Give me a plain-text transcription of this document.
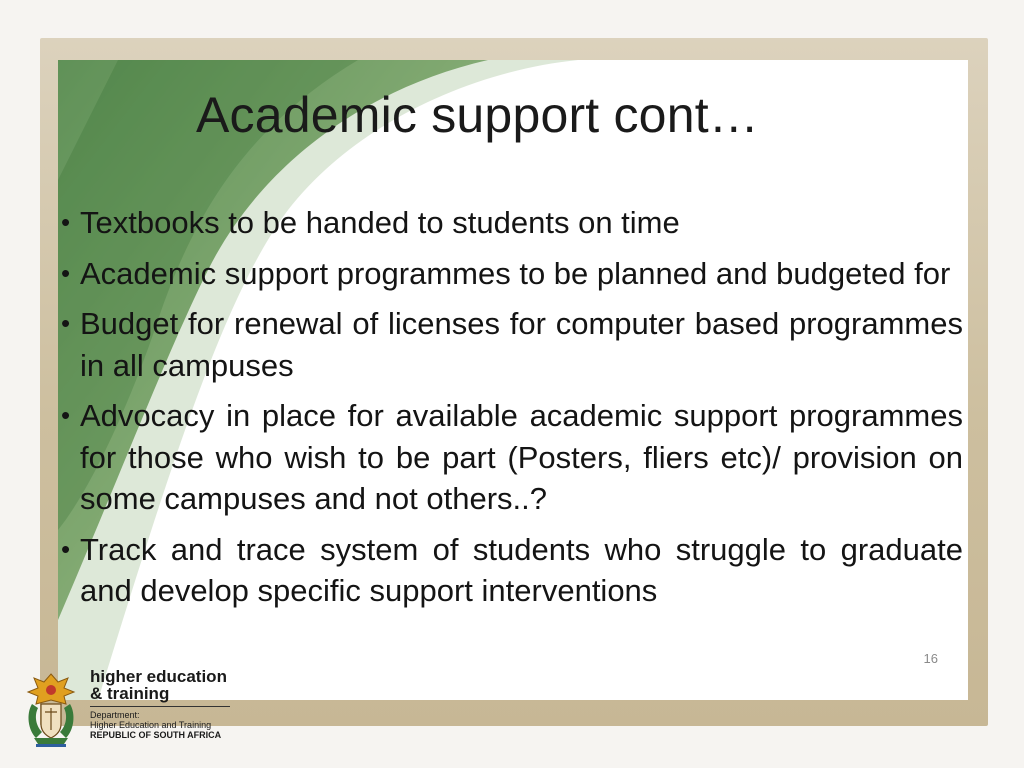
Academic support cont…
• Textbooks to be handed to students on time
• Academic support programmes to be planned and budgeted for
• Budget for renewal of licenses for computer based programmes in all campuses
• Advocacy in place for available academic support programmes for those who wish to be part (Posters, fliers etc)/ provision on some campuses and not others..?
• Track and trace system of students who struggle to graduate and develop specific support interventions
16
higher education
& training
Department:
Higher Education and Training
REPUBLIC OF SOUTH AFRICA
